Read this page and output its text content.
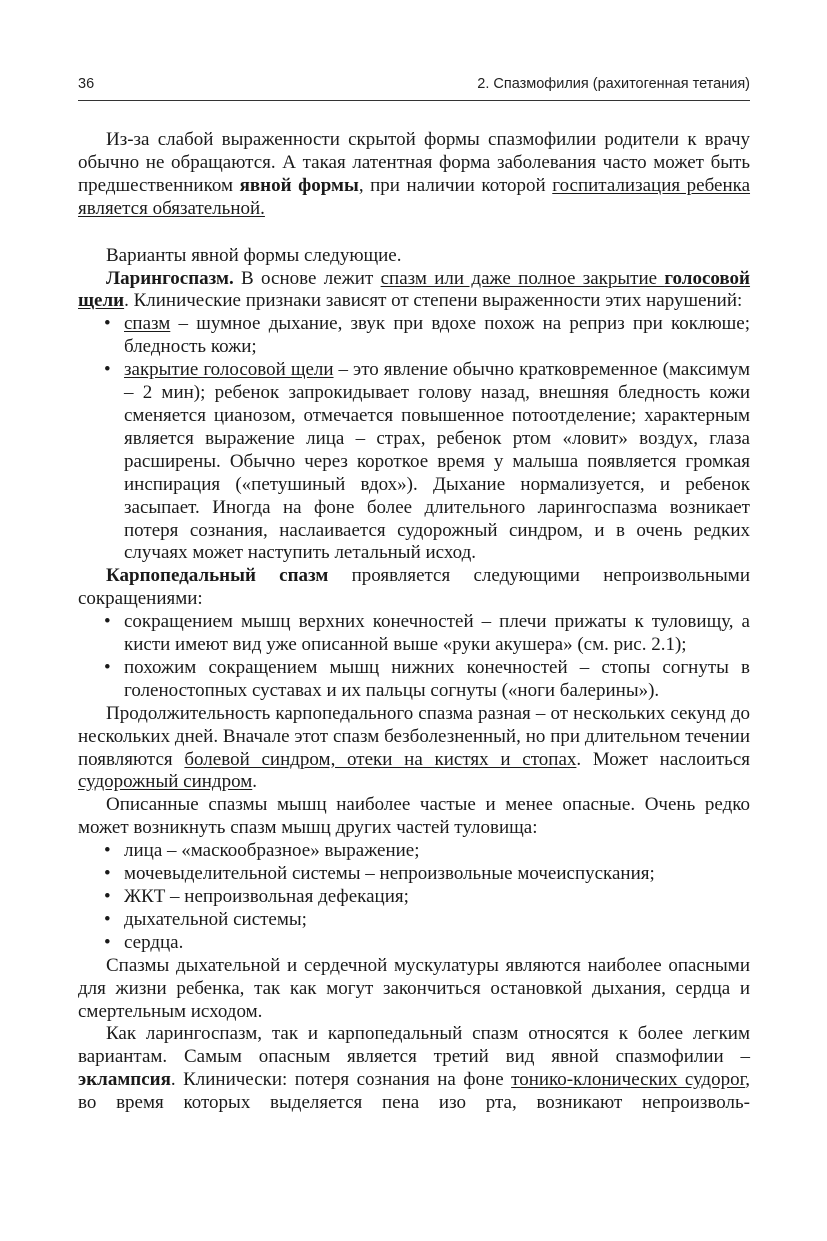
36	2. Спазмофилия (рахитогенная тетания)

Из-за слабой выраженности скрытой формы спазмофилии родители к врачу обычно не обращаются. А такая латентная форма заболевания часто может быть предшественником явной формы, при наличии которой госпитализация ребенка является обязательной.

Варианты явной формы следующие.

Ларингоспазм. В основе лежит спазм или даже полное закрытие голосовой щели. Клинические признаки зависят от степени выраженности этих нарушений:

• спазм – шумное дыхание, звук при вдохе похож на реприз при коклюше; бледность кожи;
• закрытие голосовой щели – это явление обычно кратковременное (максимум – 2 мин); ребенок запрокидывает голову назад, внешняя бледность кожи сменяется цианозом, отмечается повышенное потоотделение; характерным является выражение лица – страх, ребенок ртом «ловит» воздух, глаза расширены. Обычно через короткое время у малыша появляется громкая инспирация («петушиный вдох»). Дыхание нормализуется, и ребенок засыпает. Иногда на фоне более длительного ларингоспазма возникает потеря сознания, наслаивается судорожный синдром, и в очень редких случаях может наступить летальный исход.

Карпопедальный спазм проявляется следующими непроизвольными сокращениями:

• сокращением мышц верхних конечностей – плечи прижаты к туловищу, а кисти имеют вид уже описанной выше «руки акушера» (см. рис. 2.1);
• похожим сокращением мышц нижних конечностей – стопы согнуты в голеностопных суставах и их пальцы согнуты («ноги балерины»).

Продолжительность карпопедального спазма разная – от нескольких секунд до нескольких дней. Вначале этот спазм безболезненный, но при длительном течении появляются болевой синдром, отеки на кистях и стопах. Может наслоиться судорожный синдром.

Описанные спазмы мышц наиболее частые и менее опасные. Очень редко может возникнуть спазм мышц других частей туловища:

• лица – «маскообразное» выражение;
• мочевыделительной системы – непроизвольные мочеиспускания;
• ЖКТ – непроизвольная дефекация;
• дыхательной системы;
• сердца.

Спазмы дыхательной и сердечной мускулатуры являются наиболее опасными для жизни ребенка, так как могут закончиться остановкой дыхания, сердца и смертельным исходом.

Как ларингоспазм, так и карпопедальный спазм относятся к более легким вариантам. Самым опасным является третий вид явной спазмофилии – эклампсия. Клинически: потеря сознания на фоне тонико-клонических судорог, во время которых выделяется пена изо рта, возникают непроизволь-
